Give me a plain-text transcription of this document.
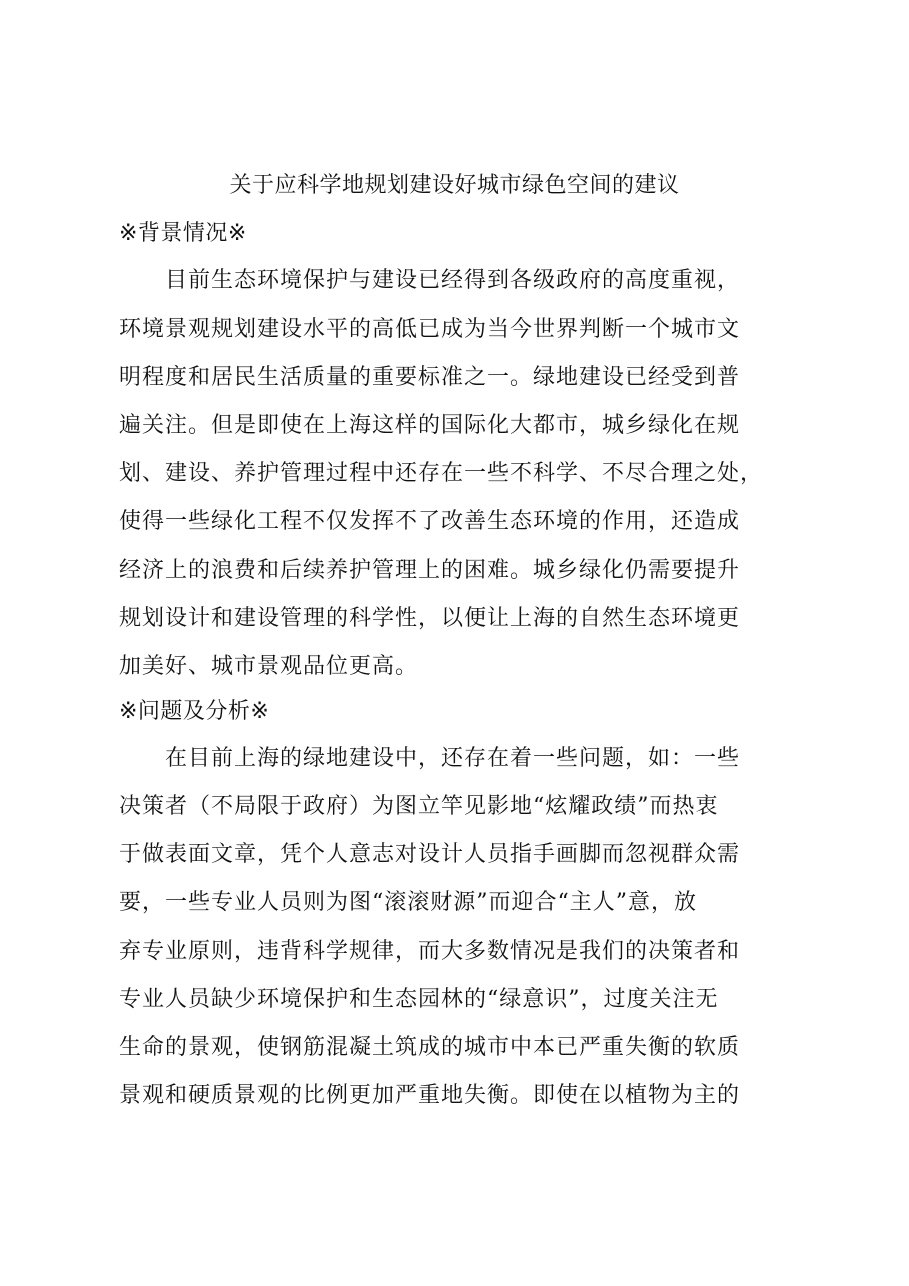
关于应科学地规划建设好城市绿色空间的建议
※背景情况※
　　目前生态环境保护与建设已经得到各级政府的高度重视，
环境景观规划建设水平的高低已成为当今世界判断一个城市文
明程度和居民生活质量的重要标准之一。绿地建设已经受到普
遍关注。但是即使在上海这样的国际化大都市，城乡绿化在规
划、建设、养护管理过程中还存在一些不科学、不尽合理之处，
使得一些绿化工程不仅发挥不了改善生态环境的作用，还造成
经济上的浪费和后续养护管理上的困难。城乡绿化仍需要提升
规划设计和建设管理的科学性，以便让上海的自然生态环境更
加美好、城市景观品位更高。
※问题及分析※
　　在目前上海的绿地建设中，还存在着一些问题，如：一些
决策者（不局限于政府）为图立竿见影地“炫耀政绩”而热衷
于做表面文章，凭个人意志对设计人员指手画脚而忽视群众需
要，一些专业人员则为图“滚滚财源”而迎合“主人”意，放
弃专业原则，违背科学规律，而大多数情况是我们的决策者和
专业人员缺少环境保护和生态园林的“绿意识”，过度关注无
生命的景观，使钢筋混凝土筑成的城市中本已严重失衡的软质
景观和硬质景观的比例更加严重地失衡。即使在以植物为主的
